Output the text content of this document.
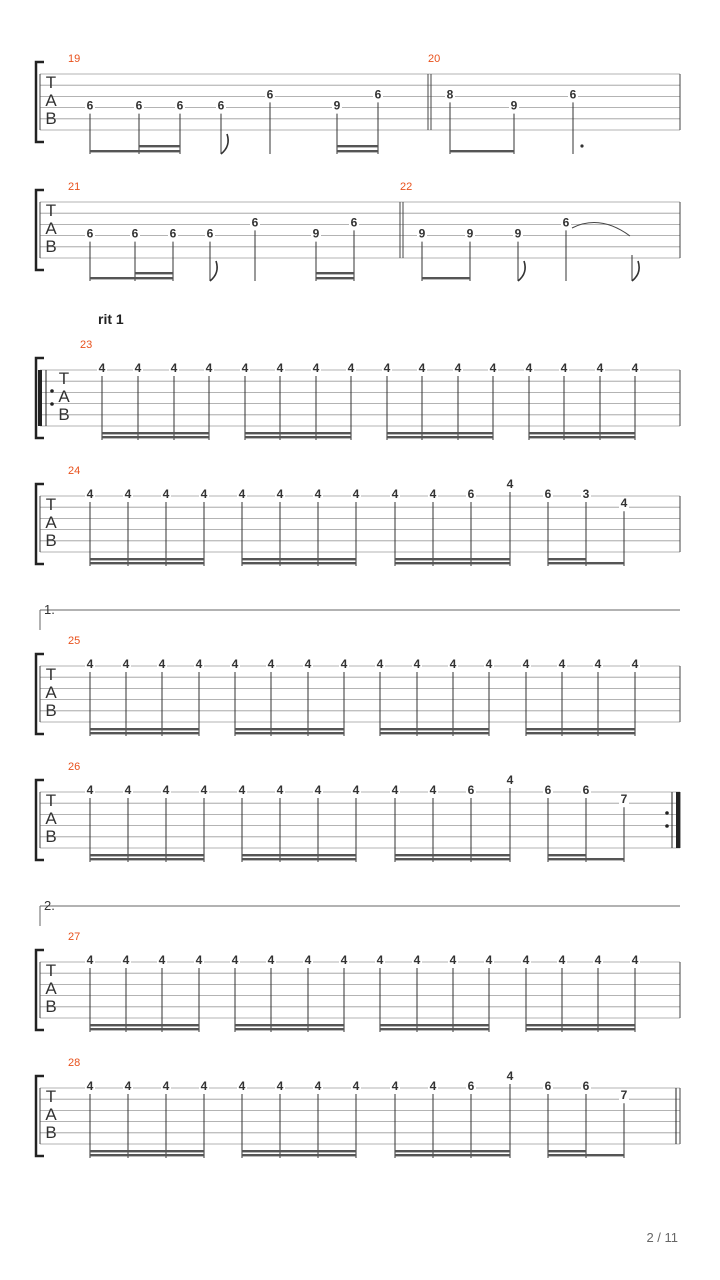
T
A
B
19	20
6	6	6	6
6
9
6	8
9
6
T
A
B
21	22
6	6	6	6
6
9
6
9	9	9
6
rit 1
T
A
B
23
4 4 4 4 4 4 4 4 4 4 4 4 4 4 4 4
T
A
B
24
4	4	4	4	4	4	4	4	4	4	6
4
6	3
4
1.
T
A
B
25
4 4 4	4 4 4	4 4 4	4 4 4	4 4 4	4
T
A
B
26
4	4	4	4	4	4	4	4	4	4	6
4
6	6
7
2.
T
A
B
27
4 4 4	4 4 4	4 4 4	4 4 4	4 4 4	4
T
A
B
28
4	4	4	4	4	4	4	4	4	4	6
4
6	6
7
2 / 11
